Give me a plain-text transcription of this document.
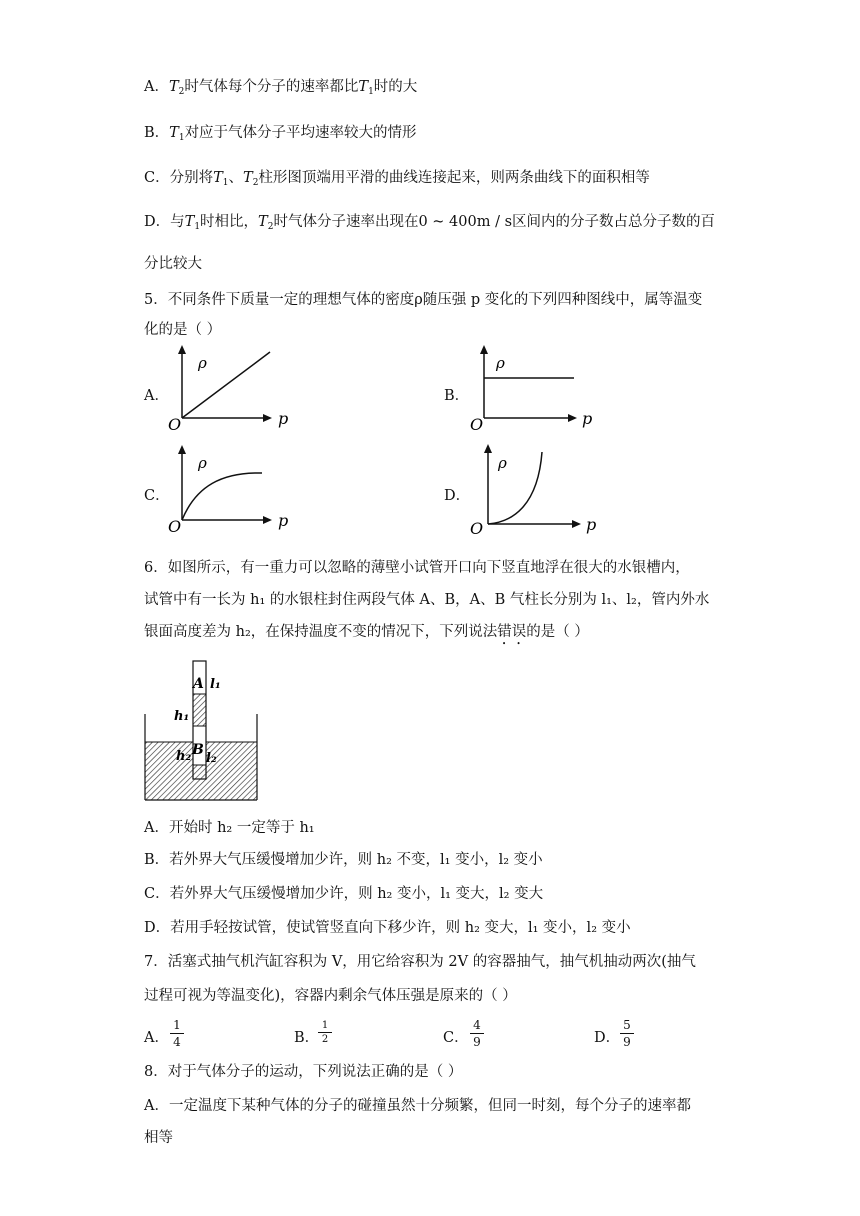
A．$T_2$时气体每个分子的速率都比$T_1$时的大
B．$T_1$对应于气体分子平均速率较大的情形
C．分别将$T_1$、$T_2$柱形图顶端用平滑的曲线连接起来，则两条曲线下的面积相等
D．与$T_1$时相比，$T_2$时气体分子速率出现在0 ~ 400m / s区间内的分子数占总分子数的百
分比较大
5．不同条件下质量一定的理想气体的密度ρ随压强 p 变化的下列四种图线中，属等温变
化的是（ ）
A．
ρ
O	p
B．
ρ
O	p
C．
ρ
O	p
D．
ρ
O	p
6．如图所示，有一重力可以忽略的薄壁小试管开口向下竖直地浮在很大的水银槽内，
试管中有一长为 h₁ 的水银柱封住两段气体 A、B，A、B 气柱长分别为 l₁、l₂，管内外水
银面高度差为 h₂，在保持温度不变的情况下，下列说法错误的是（ ）
A l₁
h₁
B
h₂ l₂
A．开始时 h₂ 一定等于 h₁
B．若外界大气压缓慢增加少许，则 h₂ 不变，l₁ 变小，l₂ 变小
C．若外界大气压缓慢增加少许，则 h₂ 变小，l₁ 变大，l₂ 变大
D．若用手轻按试管，使试管竖直向下移少许，则 h₂ 变大，l₁ 变小，l₂ 变小
7．活塞式抽气机汽缸容积为 V，用它给容积为 2V 的容器抽气，抽气机抽动两次(抽气
过程可视为等温变化)，容器内剩余气体压强是原来的（ ）
A．
1
4	B．
1
2	C．
4
9	D．
5
9
8．对于气体分子的运动，下列说法正确的是（ ）
A．一定温度下某种气体的分子的碰撞虽然十分频繁，但同一时刻，每个分子的速率都
相等
